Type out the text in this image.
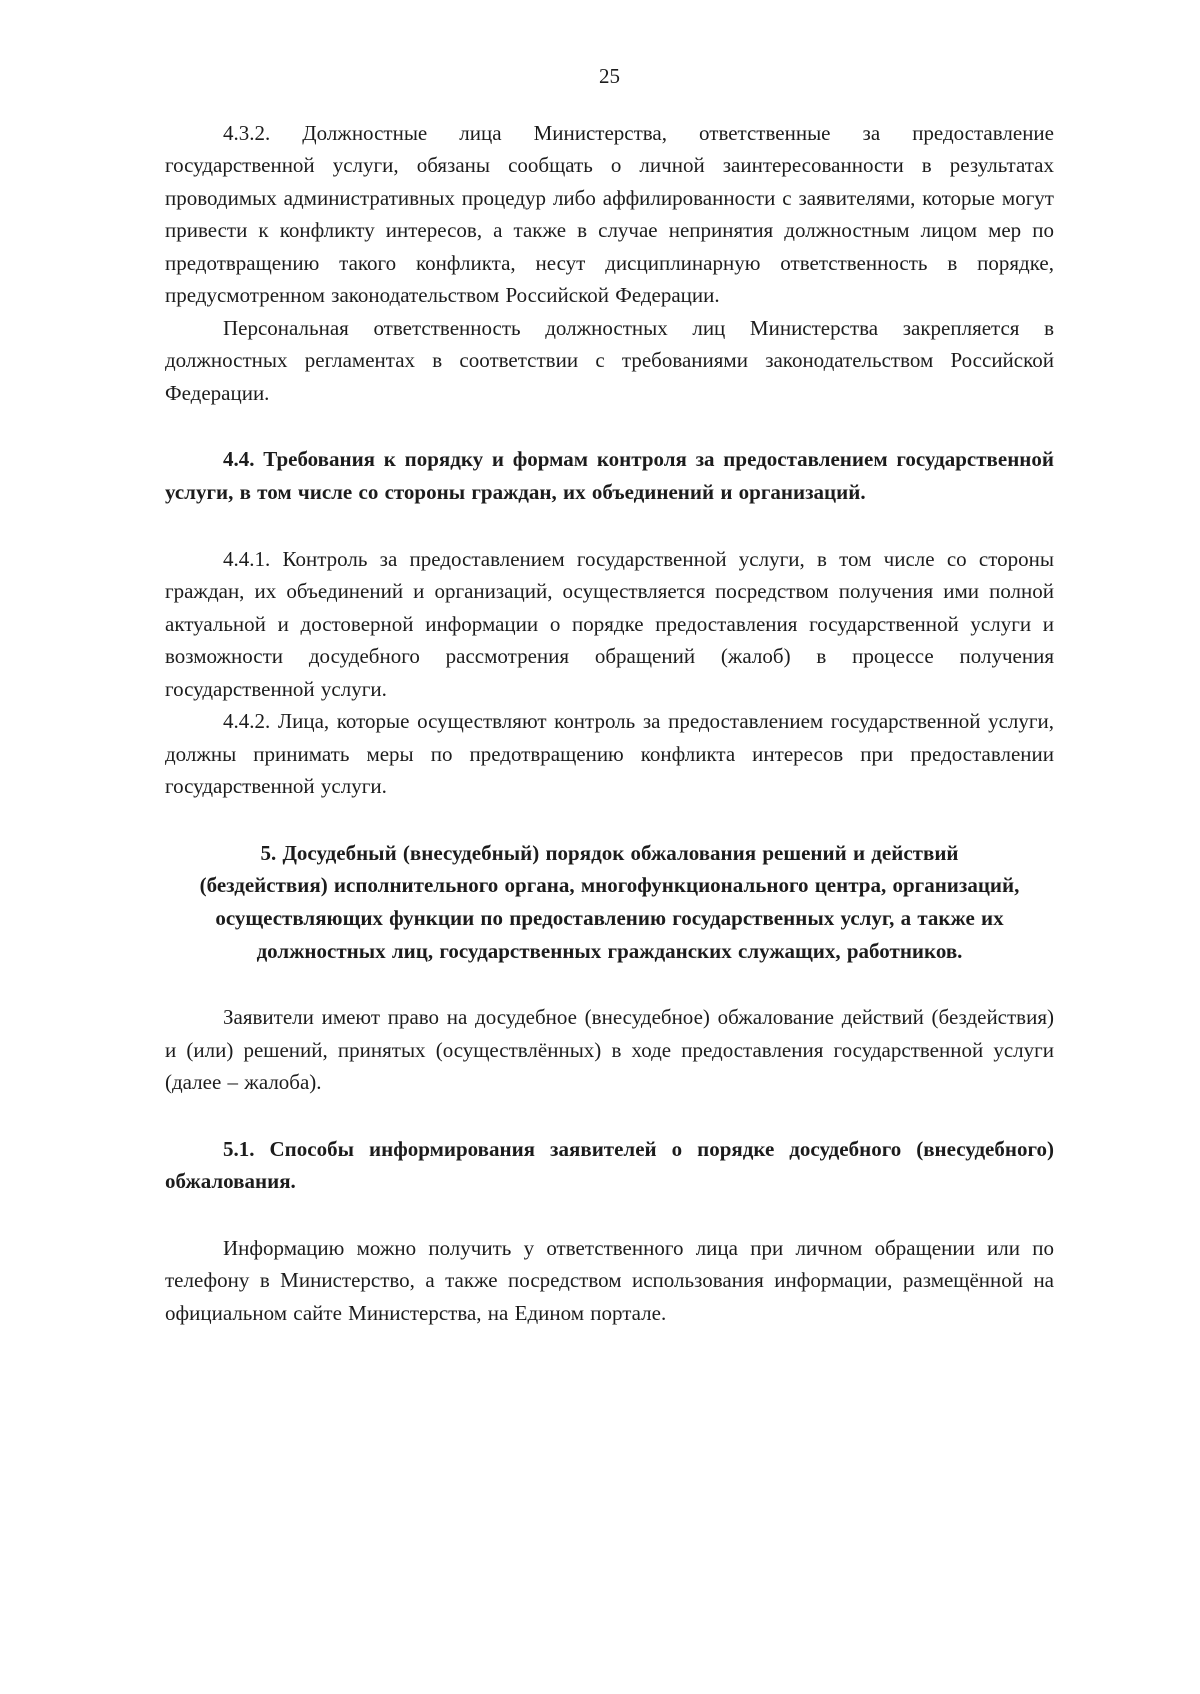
25

4.3.2. Должностные лица Министерства, ответственные за предоставление государственной услуги, обязаны сообщать о личной заинтересованности в результатах проводимых административных процедур либо аффилированности с заявителями, которые могут привести к конфликту интересов, а также в случае непринятия должностным лицом мер по предотвращению такого конфликта, несут дисциплинарную ответственность в порядке, предусмотренном законодательством Российской Федерации.

Персональная ответственность должностных лиц Министерства закрепляется в должностных регламентах в соответствии с требованиями законодательством Российской Федерации.

4.4. Требования к порядку и формам контроля за предоставлением государственной услуги, в том числе со стороны граждан, их объединений и организаций.

4.4.1. Контроль за предоставлением государственной услуги, в том числе со стороны граждан, их объединений и организаций, осуществляется посредством получения ими полной актуальной и достоверной информации о порядке предоставления государственной услуги и возможности досудебного рассмотрения обращений (жалоб) в процессе получения государственной услуги.

4.4.2. Лица, которые осуществляют контроль за предоставлением государственной услуги, должны принимать меры по предотвращению конфликта интересов при предоставлении государственной услуги.

5. Досудебный (внесудебный) порядок обжалования решений и действий (бездействия) исполнительного органа, многофункционального центра, организаций, осуществляющих функции по предоставлению государственных услуг, а также их должностных лиц, государственных гражданских служащих, работников.

Заявители имеют право на досудебное (внесудебное) обжалование действий (бездействия) и (или) решений, принятых (осуществлённых) в ходе предоставления государственной услуги (далее – жалоба).

5.1. Способы информирования заявителей о порядке досудебного (внесудебного) обжалования.

Информацию можно получить у ответственного лица при личном обращении или по телефону в Министерство, а также посредством использования информации, размещённой на официальном сайте Министерства, на Едином портале.
